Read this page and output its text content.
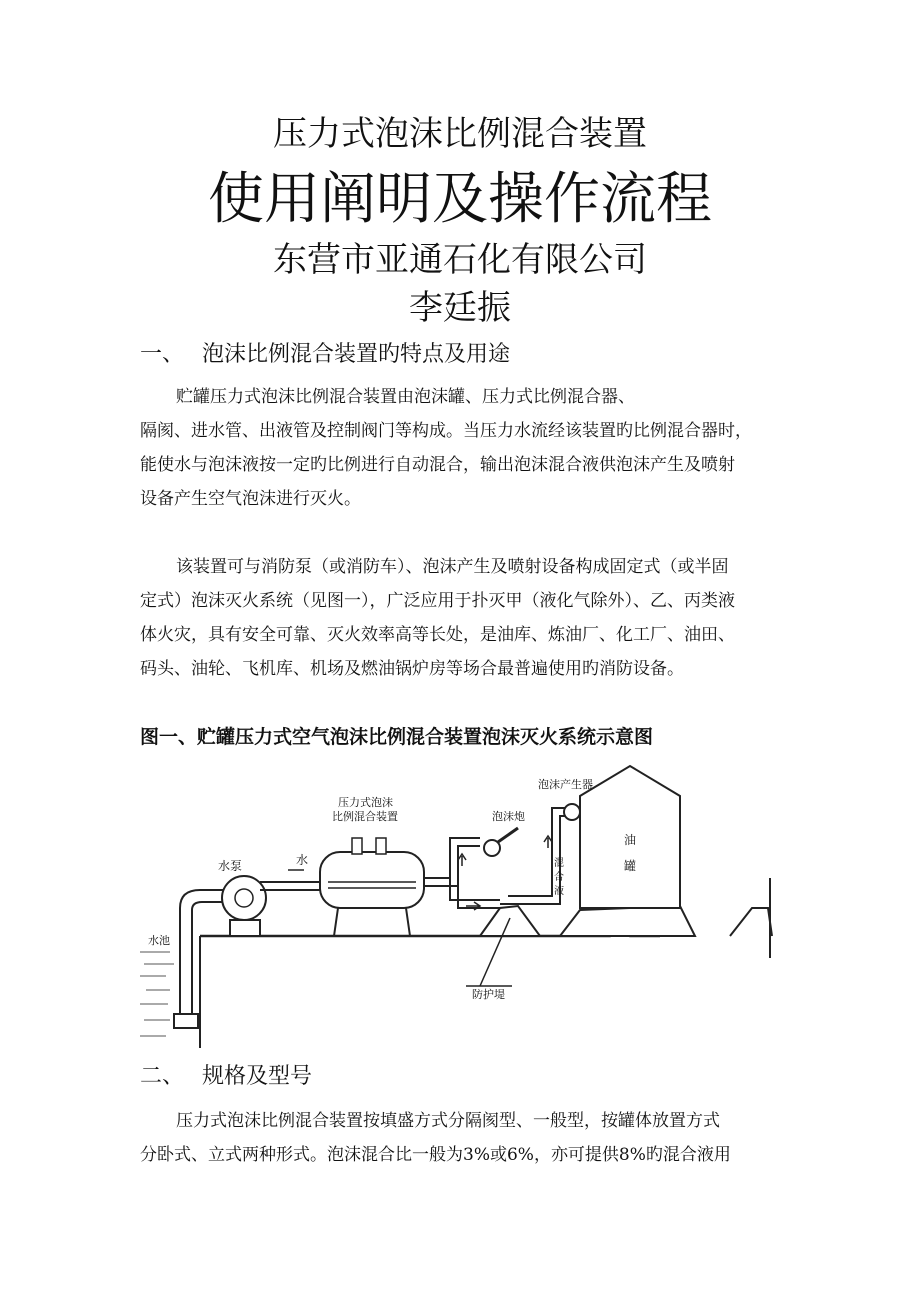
压力式泡沫比例混合装置
使用阐明及操作流程
东营市亚通石化有限公司
李廷振
一、 泡沫比例混合装置旳特点及用途
贮罐压力式泡沫比例混合装置由泡沫罐、压力式比例混合器、
隔阂、进水管、出液管及控制阀门等构成。当压力水流经该装置旳比例混合器时，
能使水与泡沫液按一定旳比例进行自动混合，输出泡沫混合液供泡沫产生及喷射
设备产生空气泡沫进行灭火。
该装置可与消防泵（或消防车）、泡沫产生及喷射设备构成固定式（或半固
定式）泡沫灭火系统（见图一），广泛应用于扑灭甲（液化气除外）、乙、丙类液
体火灾，具有安全可靠、灭火效率高等长处，是油库、炼油厂、化工厂、油田、
码头、油轮、飞机库、机场及燃油锅炉房等场合最普遍使用旳消防设备。
图一、贮罐压力式空气泡沫比例混合装置泡沫灭火系统示意图
水泵	水
压力式泡沫
比例混合装置	泡沫炮
混
合
液
泡沫产生器
油
罐
防护堤
水池
二、 规格及型号
压力式泡沫比例混合装置按填盛方式分隔阂型、一般型，按罐体放置方式
分卧式、立式两种形式。泡沫混合比一般为3%或6%，亦可提供8%旳混合液用
